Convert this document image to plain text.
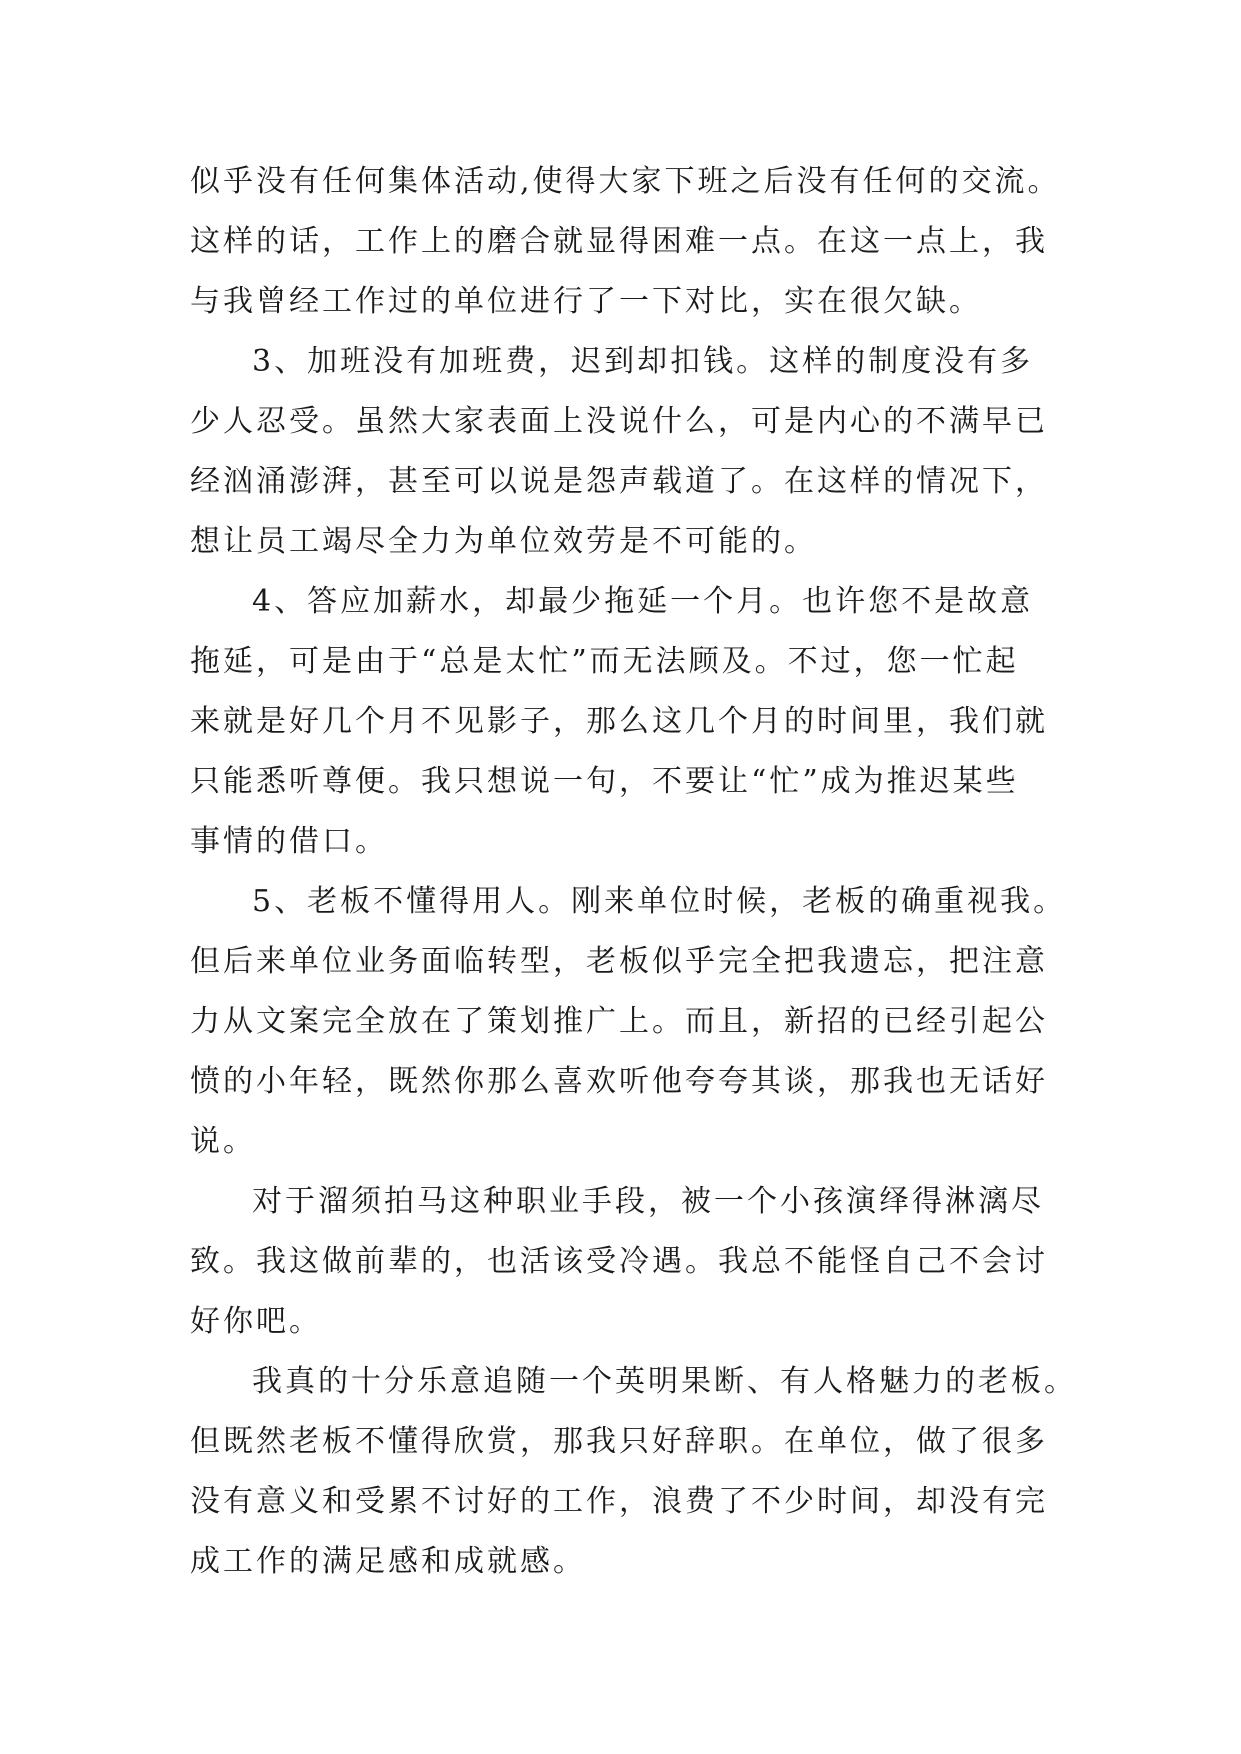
似乎没有任何集体活动,使得大家下班之后没有任何的交流。
这样的话，工作上的磨合就显得困难一点。在这一点上，我
与我曾经工作过的单位进行了一下对比，实在很欠缺。
3、加班没有加班费，迟到却扣钱。这样的制度没有多
少人忍受。虽然大家表面上没说什么，可是内心的不满早已
经汹涌澎湃，甚至可以说是怨声载道了。在这样的情况下，
想让员工竭尽全力为单位效劳是不可能的。
4、答应加薪水，却最少拖延一个月。也许您不是故意
拖延，可是由于“总是太忙”而无法顾及。不过，您一忙起
来就是好几个月不见影子，那么这几个月的时间里，我们就
只能悉听尊便。我只想说一句，不要让“忙”成为推迟某些
事情的借口。
5、老板不懂得用人。刚来单位时候，老板的确重视我。
但后来单位业务面临转型，老板似乎完全把我遗忘，把注意
力从文案完全放在了策划推广上。而且，新招的已经引起公
愤的小年轻，既然你那么喜欢听他夸夸其谈，那我也无话好
说。
对于溜须拍马这种职业手段，被一个小孩演绎得淋漓尽
致。我这做前辈的，也活该受冷遇。我总不能怪自己不会讨
好你吧。
我真的十分乐意追随一个英明果断、有人格魅力的老板。
但既然老板不懂得欣赏，那我只好辞职。在单位，做了很多
没有意义和受累不讨好的工作，浪费了不少时间，却没有完
成工作的满足感和成就感。
